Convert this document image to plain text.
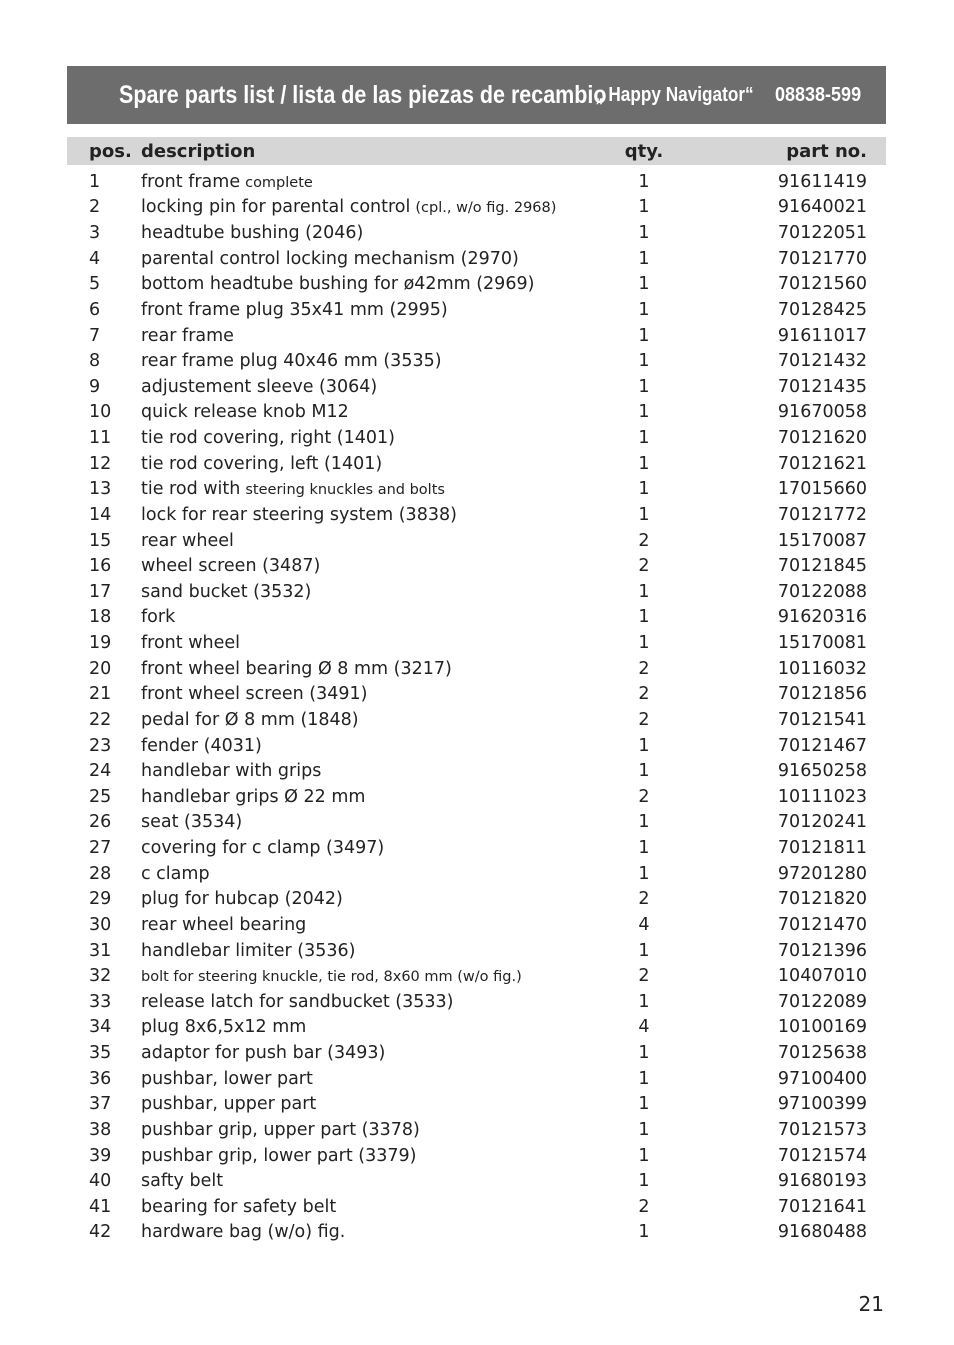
Spare parts list / lista de las piezas de recambio
„ Happy Navigator“ 08838-599
pos.	description	qty.	part no.

1	front frame complete	1	91611419
2	locking pin for parental control (cpl., w/o fig. 2968)	1	91640021
3	headtube bushing (2046)	1	70122051
4	parental control locking mechanism (2970)	1	70121770
5	bottom headtube bushing for ø42mm (2969)	1	70121560
6	front frame plug 35x41 mm (2995)	1	70128425
7	rear frame	1	91611017
8	rear frame plug 40x46 mm (3535)	1	70121432
9	adjustement sleeve (3064)	1	70121435
10	quick release knob M12	1	91670058
11	tie rod covering, right (1401)	1	70121620
12	tie rod covering, left (1401)	1	70121621
13	tie rod with steering knuckles and bolts	1	17015660
14	lock for rear steering system (3838)	1	70121772
15	rear wheel	2	15170087
16	wheel screen (3487)	2	70121845
17	sand bucket (3532)	1	70122088
18	fork	1	91620316
19	front wheel	1	15170081
20	front wheel bearing Ø 8 mm (3217)	2	10116032
21	front wheel screen (3491)	2	70121856
22	pedal for Ø 8 mm (1848)	2	70121541
23	fender (4031)	1	70121467
24	handlebar with grips	1	91650258
25	handlebar grips Ø 22 mm	2	10111023
26	seat (3534)	1	70120241
27	covering for c clamp (3497)	1	70121811
28	c clamp	1	97201280
29	plug for hubcap (2042)	2	70121820
30	rear wheel bearing	4	70121470
31	handlebar limiter (3536)	1	70121396
32	bolt for steering knuckle, tie rod, 8x60 mm (w/o fig.)	2	10407010
33	release latch for sandbucket (3533)	1	70122089
34	plug 8x6,5x12 mm	4	10100169
35	adaptor for push bar (3493)	1	70125638
36	pushbar, lower part	1	97100400
37	pushbar, upper part	1	97100399
38	pushbar grip, upper part (3378)	1	70121573
39	pushbar grip, lower part (3379)	1	70121574
40	safty belt	1	91680193
41	bearing for safety belt	2	70121641
42	hardware bag (w/o) fig.	1	91680488
21
